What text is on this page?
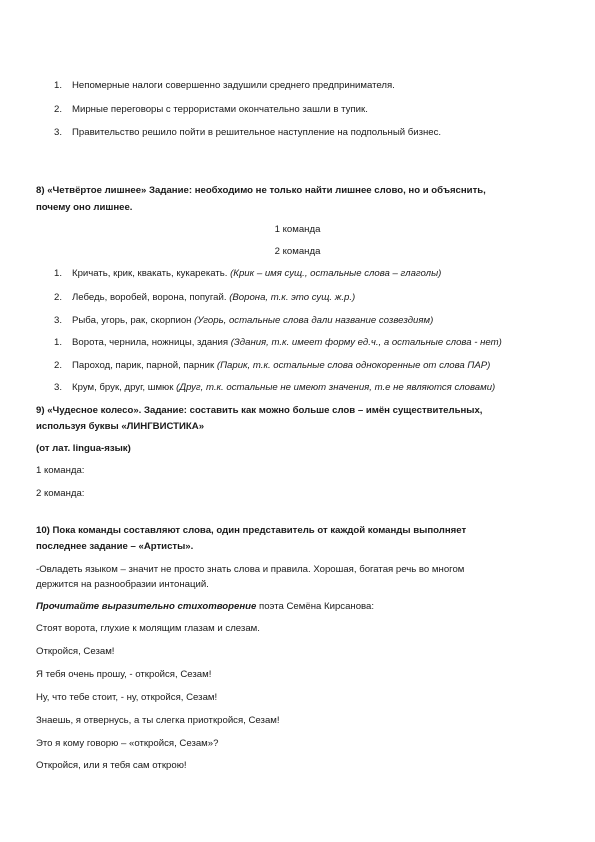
1. Непомерные налоги совершенно задушили среднего предпринимателя.
2. Мирные переговоры с террористами окончательно зашли в тупик.
3. Правительство решило пойти в решительное наступление на подпольный бизнес.
8) «Четвёртое лишнее» Задание: необходимо не только найти лишнее слово, но и объяснить,
почему оно лишнее.
1 команда
2 команда
1. Кричать, крик, квакать, кукарекать. (Крик – имя сущ., остальные слова – глаголы)
2. Лебедь, воробей, ворона, попугай. (Ворона, т.к. это сущ. ж.р.)
3. Рыба, угорь, рак, скорпион (Угорь, остальные слова дали название созвездиям)
1. Ворота, чернила, ножницы, здания (Здания, т.к. имеет форму ед.ч., а остальные слова - нет)
2. Пароход, парик, парной, парник (Парик, т.к. остальные слова однокоренные от слова ПАР)
3. Крум, брук, друг, шмюк (Друг, т.к. остальные не имеют значения, т.е не являются словами)
9) «Чудесное колесо». Задание: составить как можно больше слов – имён существительных,
используя буквы «ЛИНГВИСТИКА»
(от лат. lingua-язык)
1 команда:
2 команда:
10) Пока команды составляют слова, один представитель от каждой команды выполняет
последнее задание – «Артисты».
-Овладеть языком – значит не просто знать слова и правила. Хорошая, богатая речь во многом
держится на разнообразии интонаций.
Прочитайте выразительно стихотворение поэта Семёна Кирсанова:
Стоят ворота, глухие к молящим глазам и слезам.
Откройся, Сезам!
Я тебя очень прошу, - откройся, Сезам!
Ну, что тебе стоит, - ну, откройся, Сезам!
Знаешь, я отвернусь, а ты слегка приоткройся, Сезам!
Это я кому говорю – «откройся, Сезам»?
Откройся, или я тебя сам открою!
